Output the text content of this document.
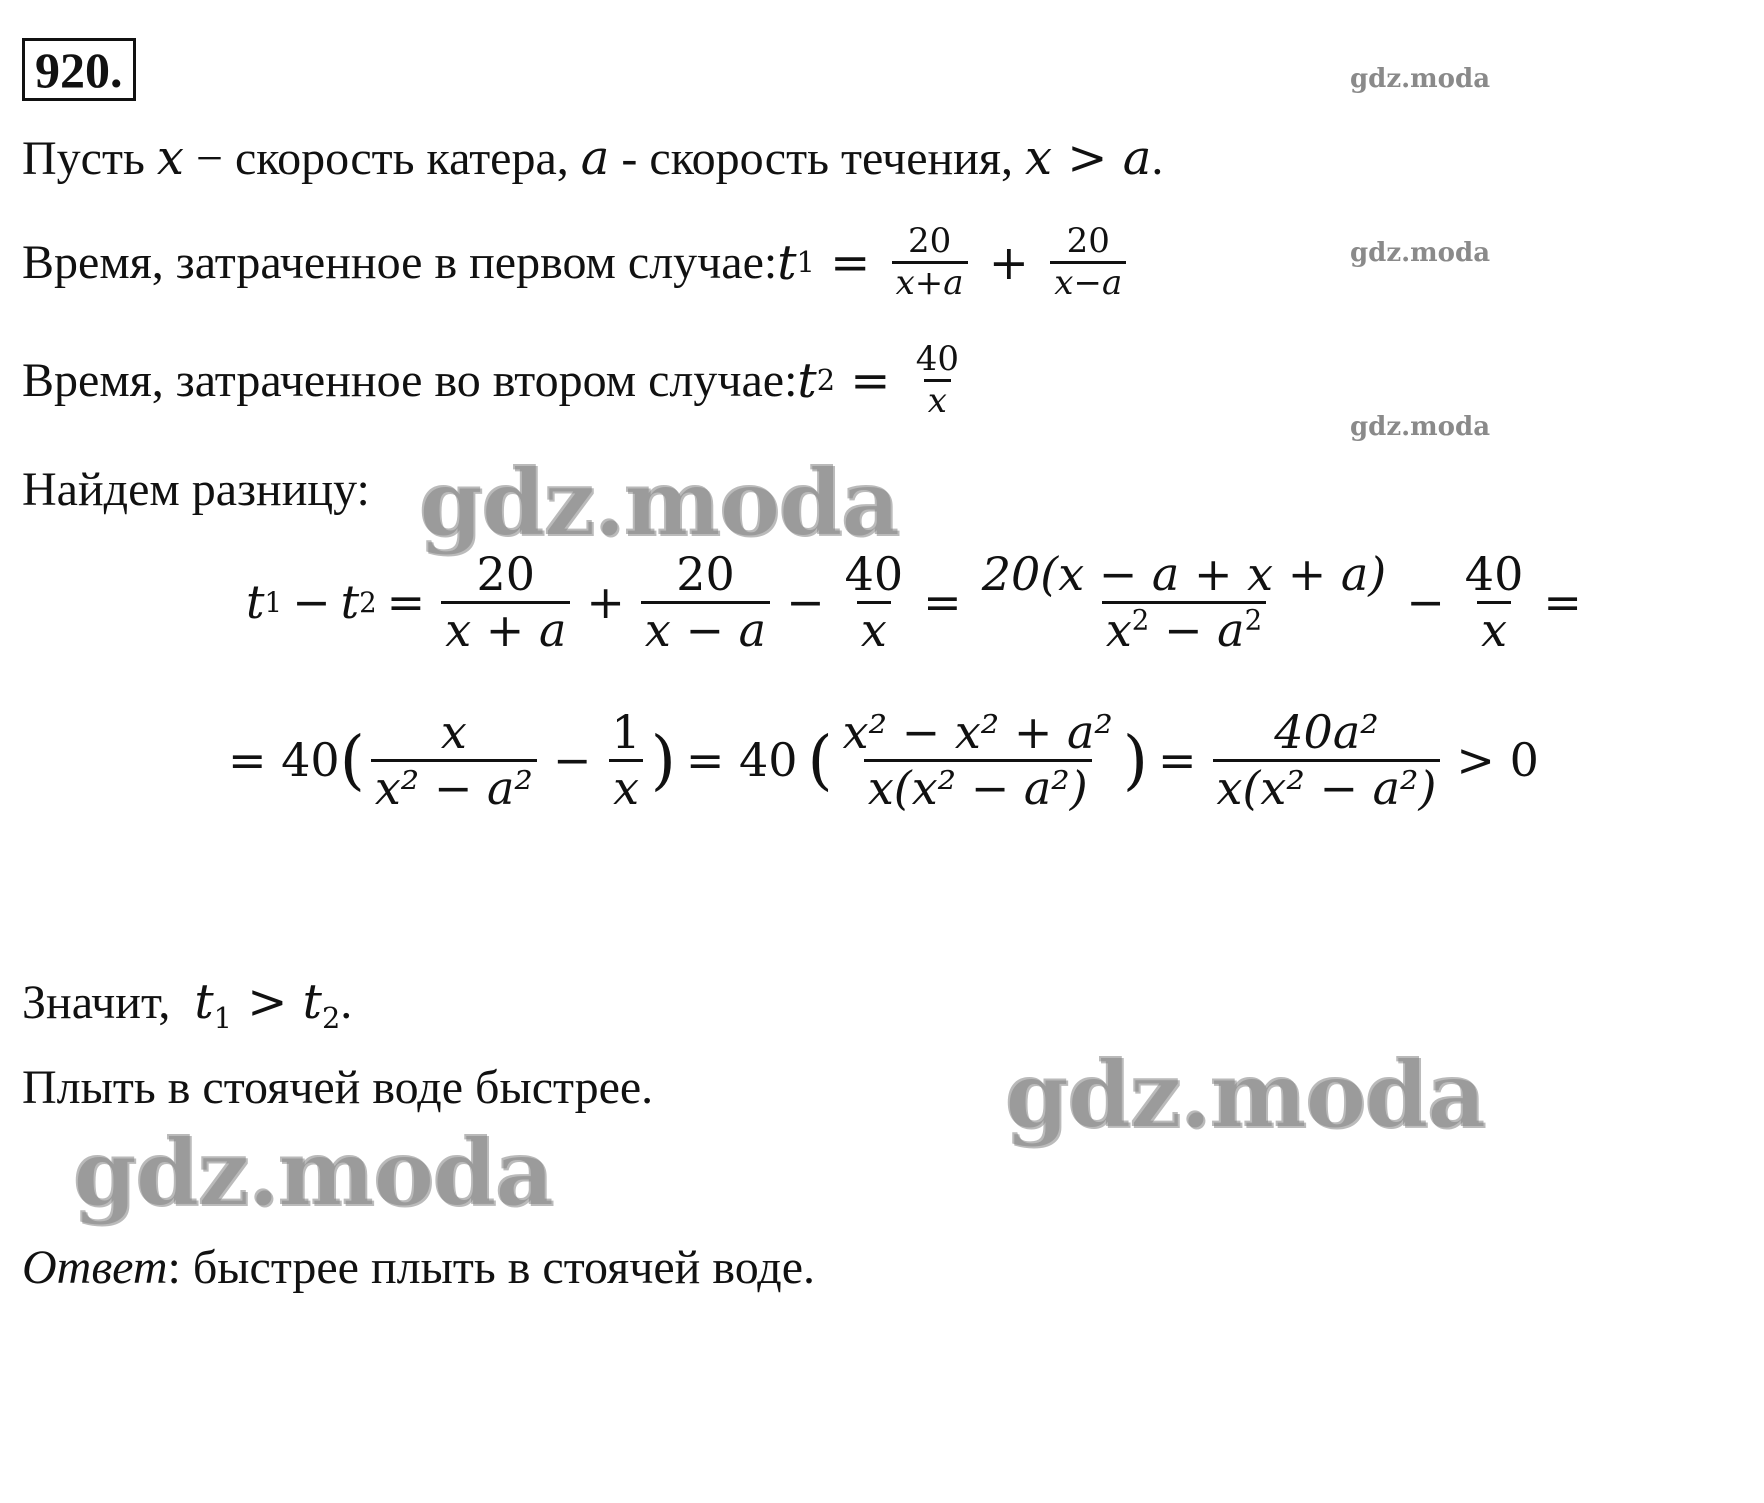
920.	gdz.moda
gdz.moda
gdz.moda
Пусть x − скорость катера, a - скорость течения, x > a.
Время, затраченное в первом случае: t $1 = \frac{20}{x+a} + \frac{20}{x-a}$
Время, затраченное во втором случае: t $2 = \frac{40}{x}$
Найдем разницу: gdz.moda
t 1 − t $2 = \frac{20}{x + a} + \frac{20}{x - a} - \frac{40}{x} = \frac{20(x - a + x + a)}{x^2 - a^2} - \frac{40}{x}$ =
= 40 ( $\frac{x}{\text{x² − a²}} - \frac{1}{x}$ ) = 40 ( $\frac{\text{x² − x² + a²}}{\text{x(x² − a²)}}$ ) = $\frac{\text{40a²}}{\text{x(x² − a²)}} > 0$
Значит,  $t_1 > t_2$.
Плыть в стоячей воде быстрее.	gdz.moda
gdz.moda
Ответ: быстрее плыть в стоячей воде.
